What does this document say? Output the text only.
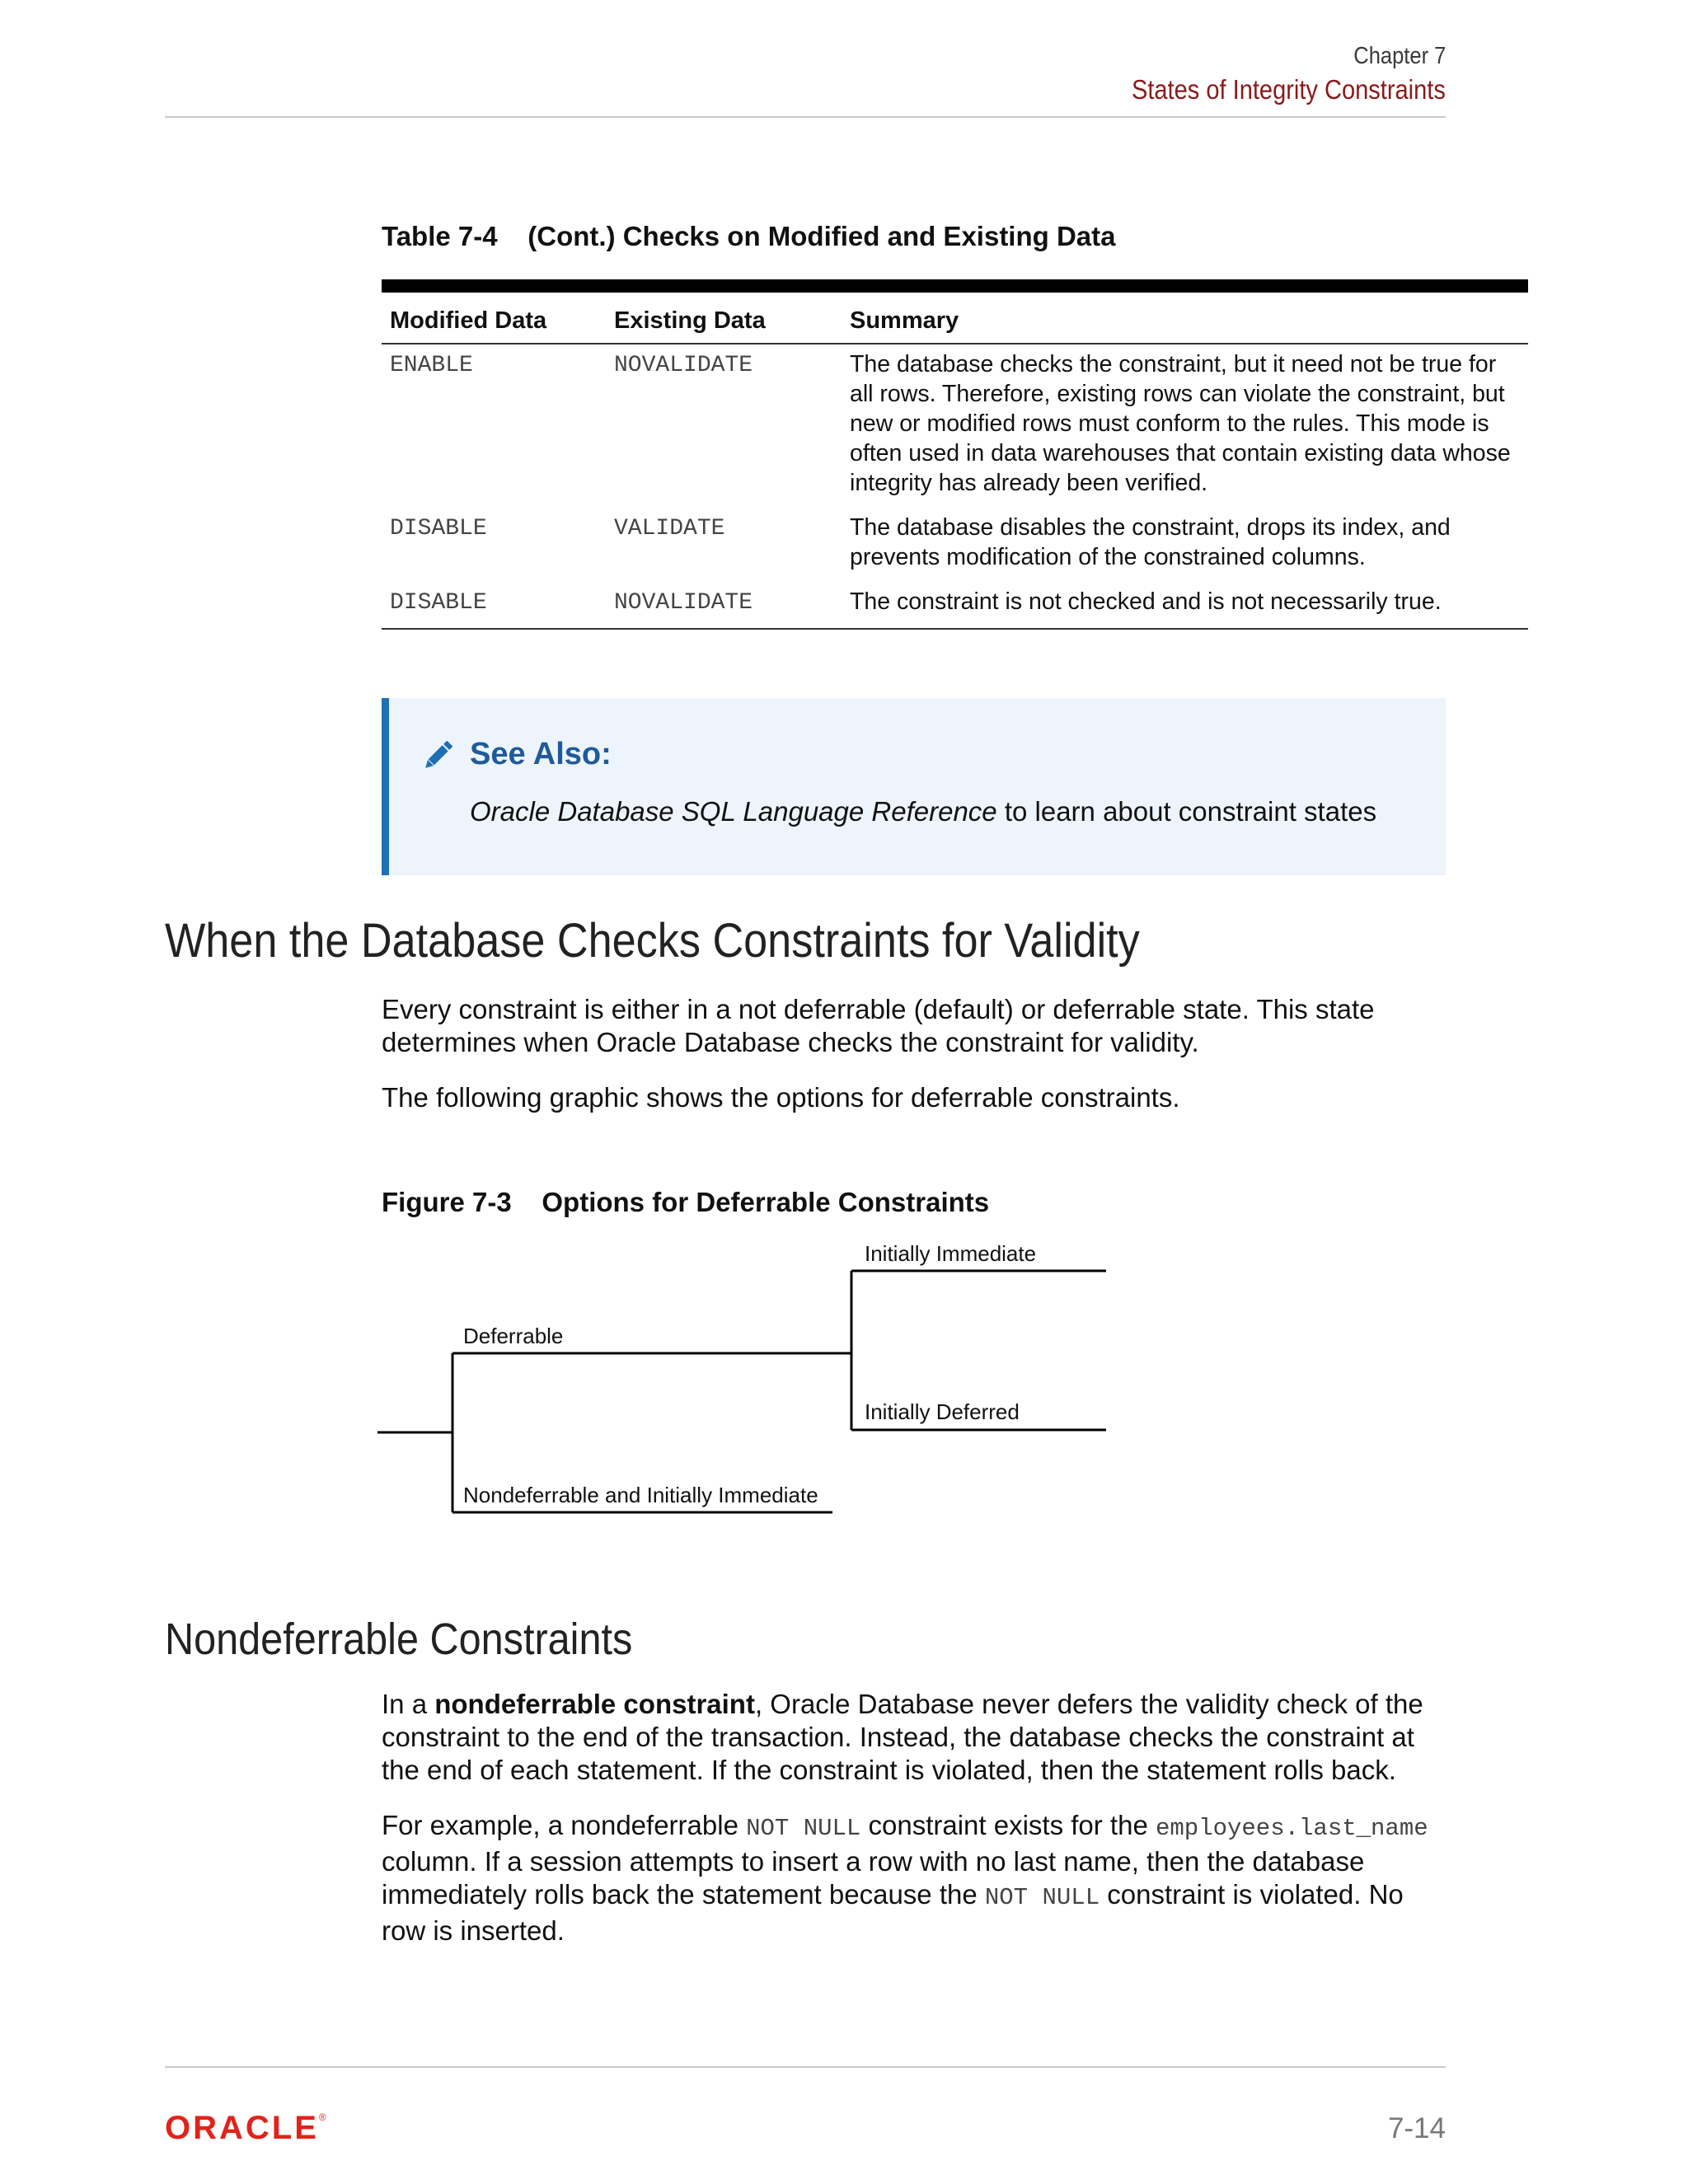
Chapter 7
States of Integrity Constraints
Table 7-4    (Cont.) Checks on Modified and Existing Data
Modified Data	Existing Data	Summary
ENABLE	NOVALIDATE	The database checks the constraint, but it need not be true for all rows. Therefore, existing rows can violate the constraint, but new or modified rows must conform to the rules. This mode is often used in data warehouses that contain existing data whose integrity has already been verified.
DISABLE	VALIDATE	The database disables the constraint, drops its index, and prevents modification of the constrained columns.
DISABLE	NOVALIDATE	The constraint is not checked and is not necessarily true.
See Also:
Oracle Database SQL Language Reference to learn about constraint states
When the Database Checks Constraints for Validity
Every constraint is either in a not deferrable (default) or deferrable state. This state determines when Oracle Database checks the constraint for validity.
The following graphic shows the options for deferrable constraints.
Figure 7-3    Options for Deferrable Constraints
Initially Immediate
Deferrable
Initially Deferred
Nondeferrable and Initially Immediate
Nondeferrable Constraints
In a nondeferrable constraint, Oracle Database never defers the validity check of the constraint to the end of the transaction. Instead, the database checks the constraint at the end of each statement. If the constraint is violated, then the statement rolls back.
For example, a nondeferrable NOT NULL constraint exists for the employees.last_name column. If a session attempts to insert a row with no last name, then the database immediately rolls back the statement because the NOT NULL constraint is violated. No row is inserted.
ORACLE®	7-14
